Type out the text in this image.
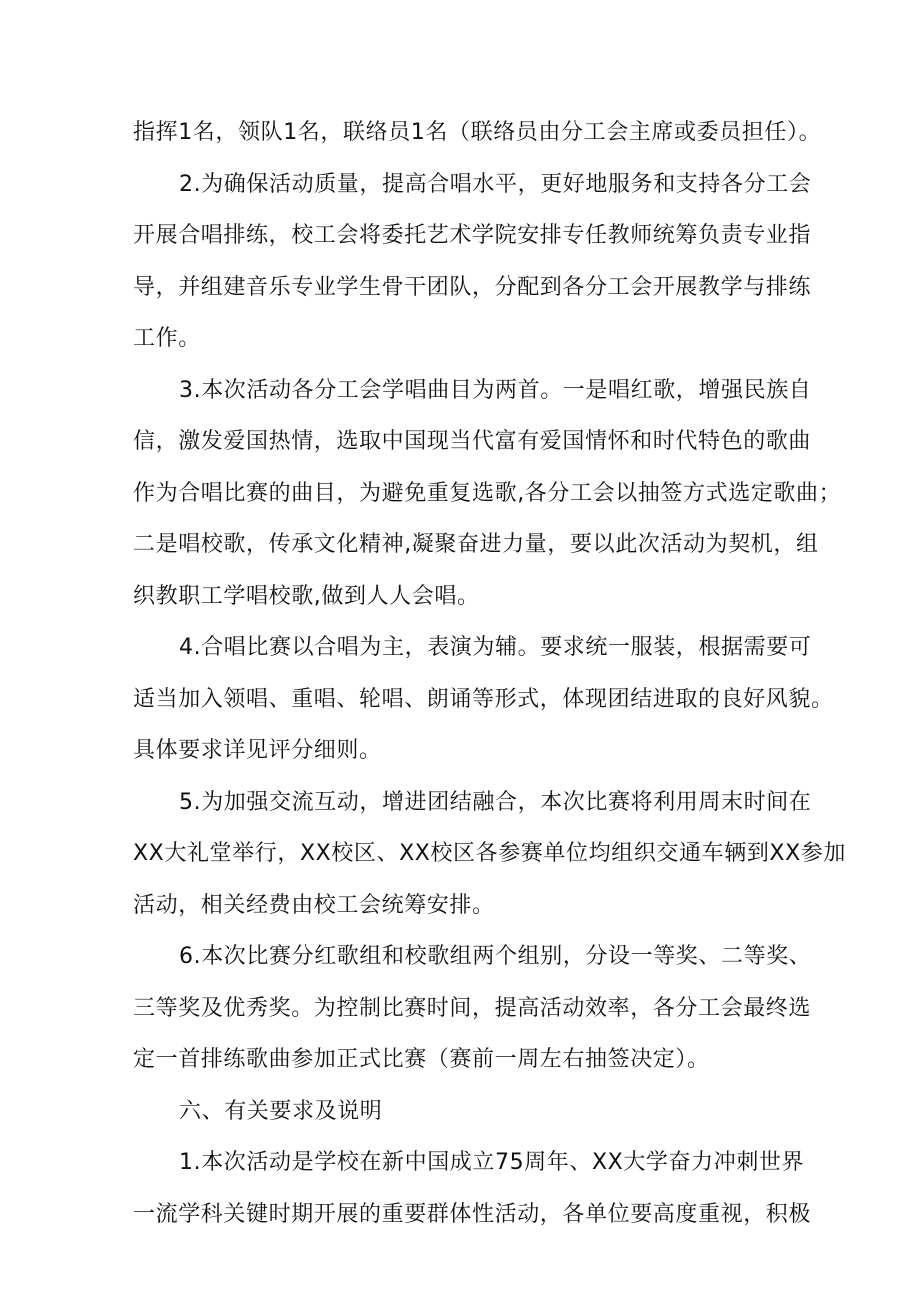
指挥1名，领队1名，联络员1名（联络员由分工会主席或委员担任）。
2.为确保活动质量，提高合唱水平，更好地服务和支持各分工会
开展合唱排练，校工会将委托艺术学院安排专任教师统筹负责专业指
导，并组建音乐专业学生骨干团队，分配到各分工会开展教学与排练
工作。
3.本次活动各分工会学唱曲目为两首。一是唱红歌，增强民族自
信，激发爱国热情，选取中国现当代富有爱国情怀和时代特色的歌曲
作为合唱比赛的曲目，为避免重复选歌,各分工会以抽签方式选定歌曲；
二是唱校歌，传承文化精神,凝聚奋进力量，要以此次活动为契机，组
织教职工学唱校歌,做到人人会唱。
4.合唱比赛以合唱为主，表演为辅。要求统一服装，根据需要可
适当加入领唱、重唱、轮唱、朗诵等形式，体现团结进取的良好风貌。
具体要求详见评分细则。
5.为加强交流互动，增进团结融合，本次比赛将利用周末时间在
XX大礼堂举行，XX校区、XX校区各参赛单位均组织交通车辆到XX参加
活动，相关经费由校工会统筹安排。
6.本次比赛分红歌组和校歌组两个组别，分设一等奖、二等奖、
三等奖及优秀奖。为控制比赛时间，提高活动效率，各分工会最终选
定一首排练歌曲参加正式比赛（赛前一周左右抽签决定）。
六、有关要求及说明
1.本次活动是学校在新中国成立75周年、XX大学奋力冲刺世界
一流学科关键时期开展的重要群体性活动，各单位要高度重视，积极
